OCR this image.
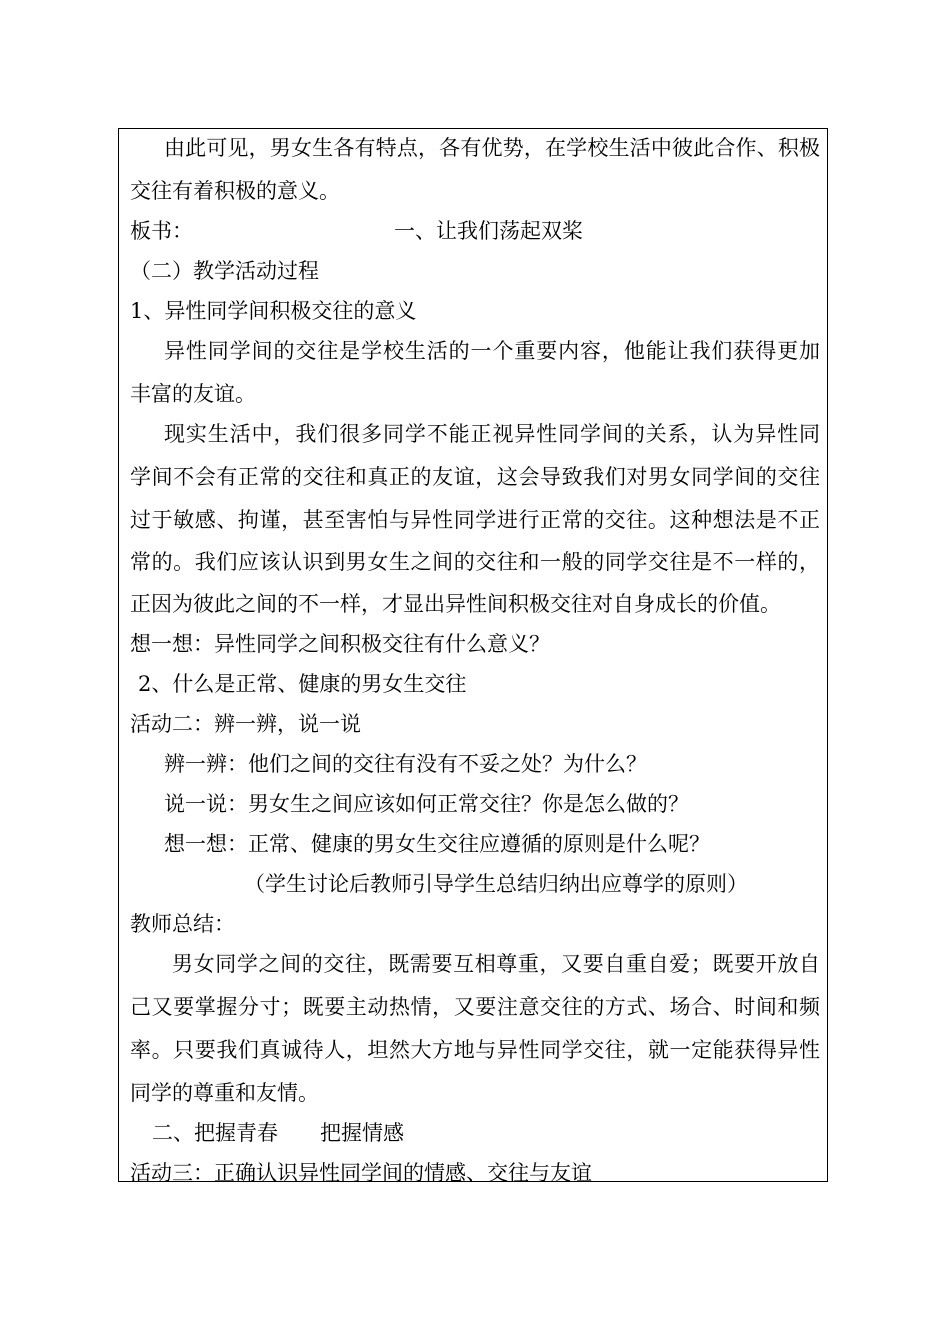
由此可见，男女生各有特点，各有优势，在学校生活中彼此合作、积极
交往有着积极的意义。
板书：	一、让我们荡起双桨
（二）教学活动过程
1、异性同学间积极交往的意义
异性同学间的交往是学校生活的一个重要内容，他能让我们获得更加
丰富的友谊。
现实生活中，我们很多同学不能正视异性同学间的关系，认为异性同
学间不会有正常的交往和真正的友谊，这会导致我们对男女同学间的交往
过于敏感、拘谨，甚至害怕与异性同学进行正常的交往。这种想法是不正
常的。我们应该认识到男女生之间的交往和一般的同学交往是不一样的，
正因为彼此之间的不一样，才显出异性间积极交往对自身成长的价值。
想一想：异性同学之间积极交往有什么意义？
2、什么是正常、健康的男女生交往
活动二：辨一辨，说一说
辨一辨：他们之间的交往有没有不妥之处？为什么？
说一说：男女生之间应该如何正常交往？你是怎么做的？
想一想：正常、健康的男女生交往应遵循的原则是什么呢？
（学生讨论后教师引导学生总结归纳出应尊学的原则）
教师总结：
男女同学之间的交往，既需要互相尊重，又要自重自爱；既要开放自
己又要掌握分寸；既要主动热情，又要注意交往的方式、场合、时间和频
率。只要我们真诚待人，坦然大方地与异性同学交往，就一定能获得异性
同学的尊重和友情。
二、把握青春　　把握情感
活动三：正确认识异性同学间的情感、交往与友谊
